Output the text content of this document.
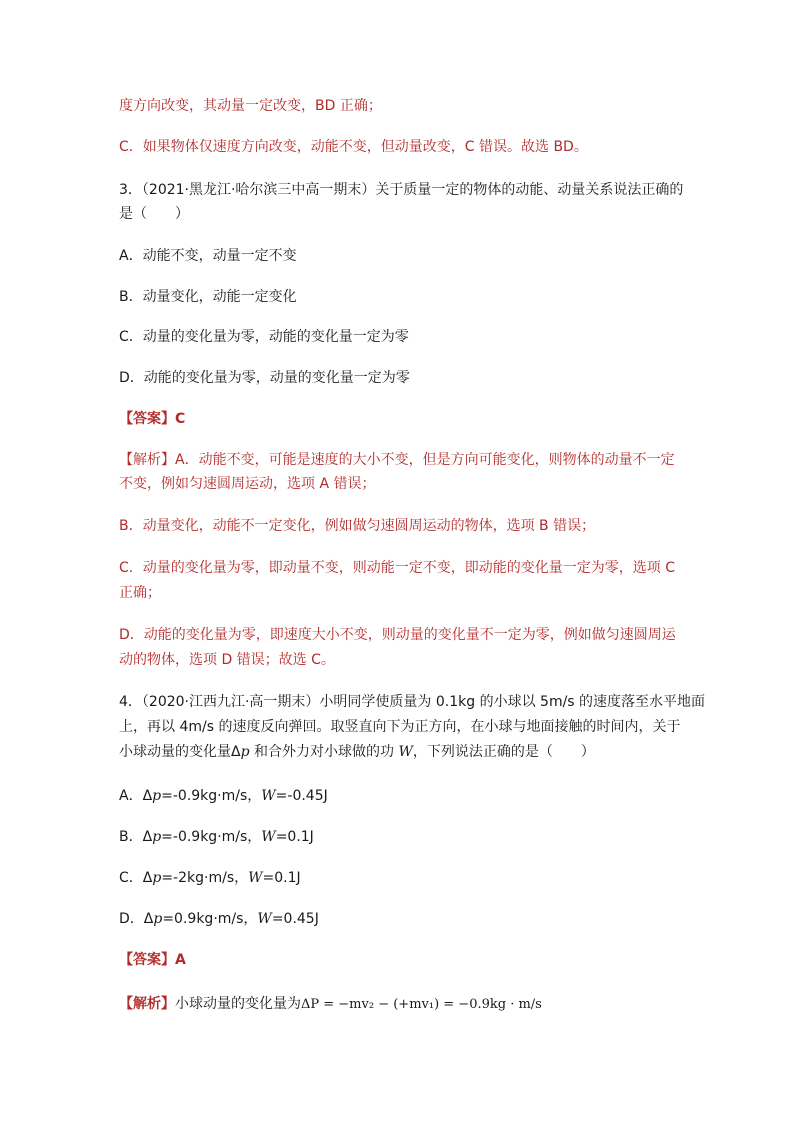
度方向改变，其动量一定改变，BD 正确；
C．如果物体仅速度方向改变，动能不变，但动量改变，C 错误。故选 BD。
3．（2021·黑龙江·哈尔滨三中高一期末）关于质量一定的物体的动能、动量关系说法正确的
是（　　）
A．动能不变，动量一定不变
B．动量变化，动能一定变化
C．动量的变化量为零，动能的变化量一定为零
D．动能的变化量为零，动量的变化量一定为零
【答案】C
【解析】A．动能不变，可能是速度的大小不变，但是方向可能变化，则物体的动量不一定
不变，例如匀速圆周运动，选项 A 错误；
B．动量变化，动能不一定变化，例如做匀速圆周运动的物体，选项 B 错误；
C．动量的变化量为零，即动量不变，则动能一定不变，即动能的变化量一定为零，选项 C
正确；
D．动能的变化量为零，即速度大小不变，则动量的变化量不一定为零，例如做匀速圆周运
动的物体，选项 D 错误；故选 C。
4．（2020·江西九江·高一期末）小明同学使质量为 0.1kg 的小球以 5m/s 的速度落至水平地面
上，再以 4m/s 的速度反向弹回。取竖直向下为正方向，在小球与地面接触的时间内，关于
小球动量的变化量Δp 和合外力对小球做的功 W，下列说法正确的是（　　）
A．Δp=-0.9kg·m/s，W=-0.45J
B．Δp=-0.9kg·m/s，W=0.1J
C．Δp=-2kg·m/s，W=0.1J
D．Δp=0.9kg·m/s，W=0.45J
【答案】A
【解析】小球动量的变化量为ΔP = −mv₂ − (+mv₁) = −0.9kg · m/s
